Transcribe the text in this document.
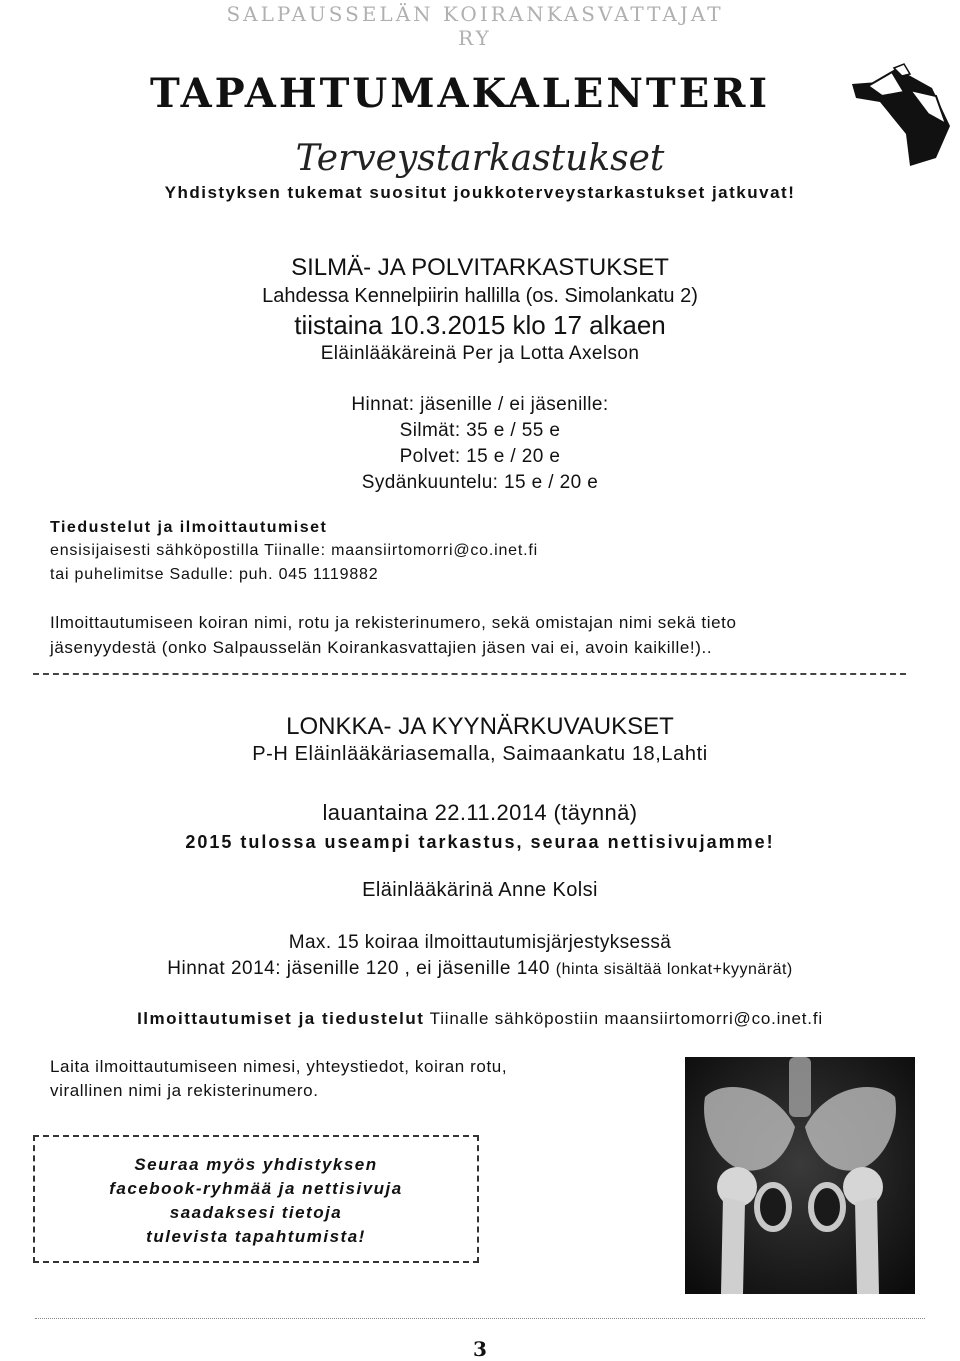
SALPAUSSELÄN KOIRANKASVATTAJAT RY
TAPAHTUMAKALENTERI
Terveystarkastukset
Yhdistyksen tukemat suositut joukkoterveystarkastukset jatkuvat!
SILMÄ- JA POLVITARKASTUKSET
Lahdessa Kennelpiirin hallilla (os. Simolankatu 2)
tiistaina 10.3.2015 klo 17 alkaen
Eläinlääkäreinä Per ja Lotta Axelson
Hinnat: jäsenille / ei jäsenille:
Silmät: 35 e / 55 e
Polvet: 15 e / 20 e
Sydänkuuntelu: 15 e / 20 e
Tiedustelut ja ilmoittautumiset
ensisijaisesti sähköpostilla Tiinalle: maansiirtomorri@co.inet.fi
tai puhelimitse Sadulle: puh. 045 1119882
Ilmoittautumiseen koiran nimi, rotu ja rekisterinumero, sekä omistajan nimi sekä tieto
jäsenyydestä (onko Salpausselän Koirankasvattajien jäsen vai ei, avoin kaikille!)..
LONKKA- JA KYYNÄRKUVAUKSET
P-H Eläinlääkäriasemalla, Saimaankatu 18,Lahti
lauantaina 22.11.2014 (täynnä)
2015 tulossa useampi tarkastus, seuraa nettisivujamme!
Eläinlääkärinä Anne Kolsi
Max. 15 koiraa ilmoittautumisjärjestyksessä
Hinnat 2014: jäsenille 120 , ei jäsenille 140 (hinta sisältää lonkat+kyynärät)
Ilmoittautumiset ja tiedustelut Tiinalle sähköpostiin maansiirtomorri@co.inet.fi
Laita ilmoittautumiseen nimesi, yhteystiedot, koiran rotu,
virallinen nimi ja rekisterinumero.
Seuraa myös yhdistyksen
facebook-ryhmää ja nettisivuja
saadaksesi tietoja
tulevista tapahtumista!
3
